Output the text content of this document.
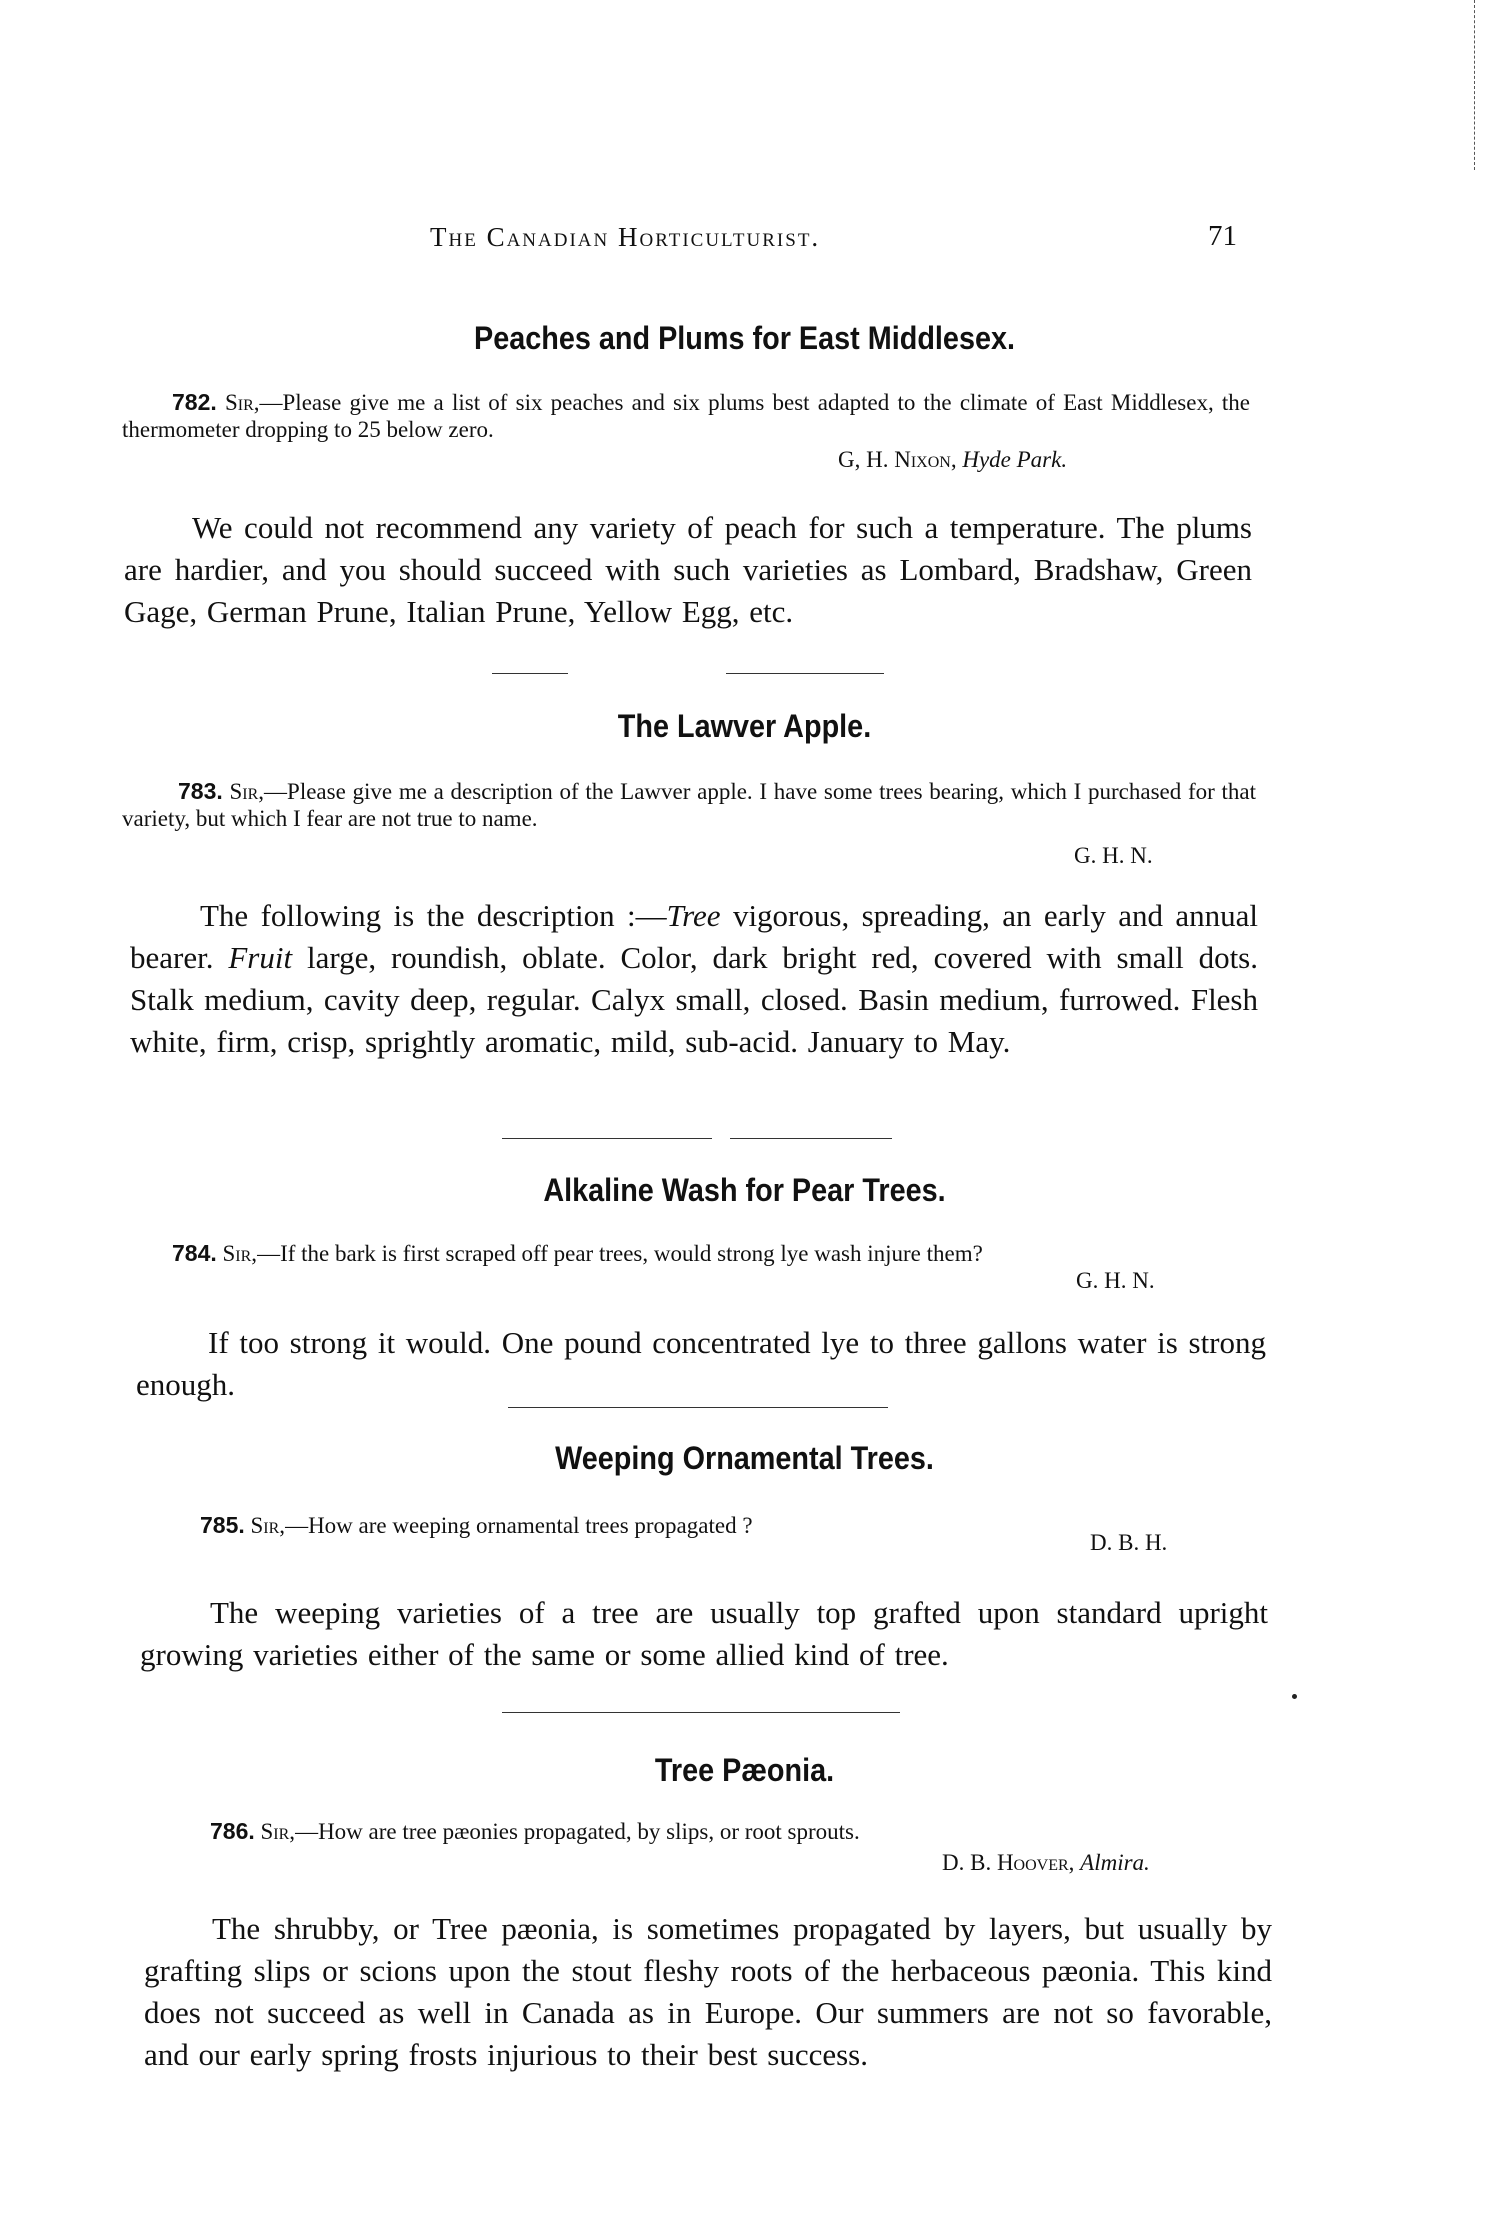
The Canadian Horticulturist.	71
Peaches and Plums for East Middlesex.
782. Sir,—Please give me a list of six peaches and six plums best adapted to the climate of East Middlesex, the thermometer dropping to 25 below zero.
G, H. Nixon, Hyde Park.
We could not recommend any variety of peach for such a temperature. The plums are hardier, and you should succeed with such varieties as Lombard, Bradshaw, Green Gage, German Prune, Italian Prune, Yellow Egg, etc.
The Lawver Apple.
783. Sir,—Please give me a description of the Lawver apple. I have some trees bearing, which I purchased for that variety, but which I fear are not true to name.
G. H. N.
The following is the description :—Tree vigorous, spreading, an early and annual bearer. Fruit large, roundish, oblate. Color, dark bright red, covered with small dots. Stalk medium, cavity deep, regular. Calyx small, closed. Basin medium, furrowed. Flesh white, firm, crisp, sprightly aromatic, mild, sub-acid. January to May.
Alkaline Wash for Pear Trees.
784. Sir,—If the bark is first scraped off pear trees, would strong lye wash injure them?
G. H. N.
If too strong it would. One pound concentrated lye to three gallons water is strong enough.
Weeping Ornamental Trees.
785. Sir,—How are weeping ornamental trees propagated ?
D. B. H.
The weeping varieties of a tree are usually top grafted upon standard upright growing varieties either of the same or some allied kind of tree.
Tree Pæonia.
786. Sir,—How are tree pæonies propagated, by slips, or root sprouts.
D. B. Hoover, Almira.
The shrubby, or Tree pæonia, is sometimes propagated by layers, but usually by grafting slips or scions upon the stout fleshy roots of the herbaceous pæonia. This kind does not succeed as well in Canada as in Europe. Our summers are not so favorable, and our early spring frosts injurious to their best success.
